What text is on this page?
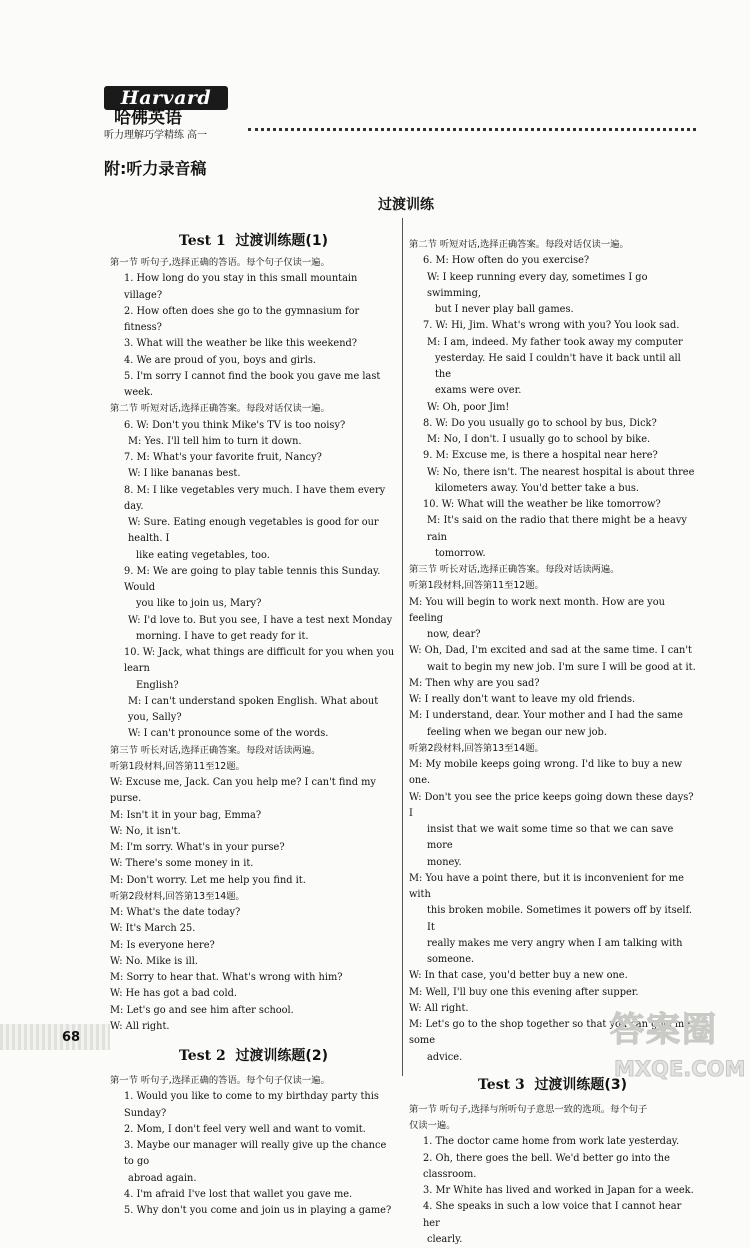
Harvard
哈佛英语
听力理解巧学精练 高一
附:听力录音稿
过渡训练

Test 1 过渡训练题(1)

第一节 听句子,选择正确的答语。每个句子仅读一遍。

1. How long do you stay in this small mountain village?

2. How often does she go to the gymnasium for fitness?

3. What will the weather be like this weekend?

4. We are proud of you, boys and girls.

5. I'm sorry I cannot find the book you gave me last week.

第二节 听短对话,选择正确答案。每段对话仅读一遍。

6. W: Don't you think Mike's TV is too noisy?

M: Yes. I'll tell him to turn it down.

7. M: What's your favorite fruit, Nancy?

W: I like bananas best.

8. M: I like vegetables very much. I have them every day.

W: Sure. Eating enough vegetables is good for our health. I

like eating vegetables, too.

9. M: We are going to play table tennis this Sunday. Would

you like to join us, Mary?

W: I'd love to. But you see, I have a test next Monday

morning. I have to get ready for it.

10. W: Jack, what things are difficult for you when you learn

English?

M: I can't understand spoken English. What about you, Sally?

W: I can't pronounce some of the words.

第三节 听长对话,选择正确答案。每段对话读两遍。

听第1段材料,回答第11至12题。

W: Excuse me, Jack. Can you help me? I can't find my purse.

M: Isn't it in your bag, Emma?

W: No, it isn't.

M: I'm sorry. What's in your purse?

W: There's some money in it.

M: Don't worry. Let me help you find it.

听第2段材料,回答第13至14题。

M: What's the date today?

W: It's March 25.

M: Is everyone here?

W: No. Mike is ill.

M: Sorry to hear that. What's wrong with him?

W: He has got a bad cold.

M: Let's go and see him after school.

W: All right.

Test 2 过渡训练题(2)

第一节 听句子,选择正确的答语。每个句子仅读一遍。

1. Would you like to come to my birthday party this Sunday?

2. Mom, I don't feel very well and want to vomit.

3. Maybe our manager will really give up the chance to go

abroad again.

4. I'm afraid I've lost that wallet you gave me.

5. Why don't you come and join us in playing a game?

第二节 听短对话,选择正确答案。每段对话仅读一遍。

6. M: How often do you exercise?

W: I keep running every day, sometimes I go swimming,

but I never play ball games.

7. W: Hi, Jim. What's wrong with you? You look sad.

M: I am, indeed. My father took away my computer

yesterday. He said I couldn't have it back until all the

exams were over.

W: Oh, poor Jim!

8. W: Do you usually go to school by bus, Dick?

M: No, I don't. I usually go to school by bike.

9. M: Excuse me, is there a hospital near here?

W: No, there isn't. The nearest hospital is about three

kilometers away. You'd better take a bus.

10. W: What will the weather be like tomorrow?

M: It's said on the radio that there might be a heavy rain

tomorrow.

第三节 听长对话,选择正确答案。每段对话读两遍。

听第1段材料,回答第11至12题。

M: You will begin to work next month. How are you feeling

now, dear?

W: Oh, Dad, I'm excited and sad at the same time. I can't

wait to begin my new job. I'm sure I will be good at it.

M: Then why are you sad?

W: I really don't want to leave my old friends.

M: I understand, dear. Your mother and I had the same

feeling when we began our new job.

听第2段材料,回答第13至14题。

M: My mobile keeps going wrong. I'd like to buy a new one.

W: Don't you see the price keeps going down these days? I

insist that we wait some time so that we can save more

money.

M: You have a point there, but it is inconvenient for me with

this broken mobile. Sometimes it powers off by itself. It

really makes me very angry when I am talking with

someone.

W: In that case, you'd better buy a new one.

M: Well, I'll buy one this evening after supper.

W: All right.

M: Let's go to the shop together so that you can give me some

advice.

Test 3 过渡训练题(3)

第一节 听句子,选择与所听句子意思一致的选项。每个句子

仅读一遍。

1. The doctor came home from work late yesterday.

2. Oh, there goes the bell. We'd better go into the classroom.

3. Mr White has lived and worked in Japan for a week.

4. She speaks in such a low voice that I cannot hear her

clearly.

68	答案圈
MXQE.COM
